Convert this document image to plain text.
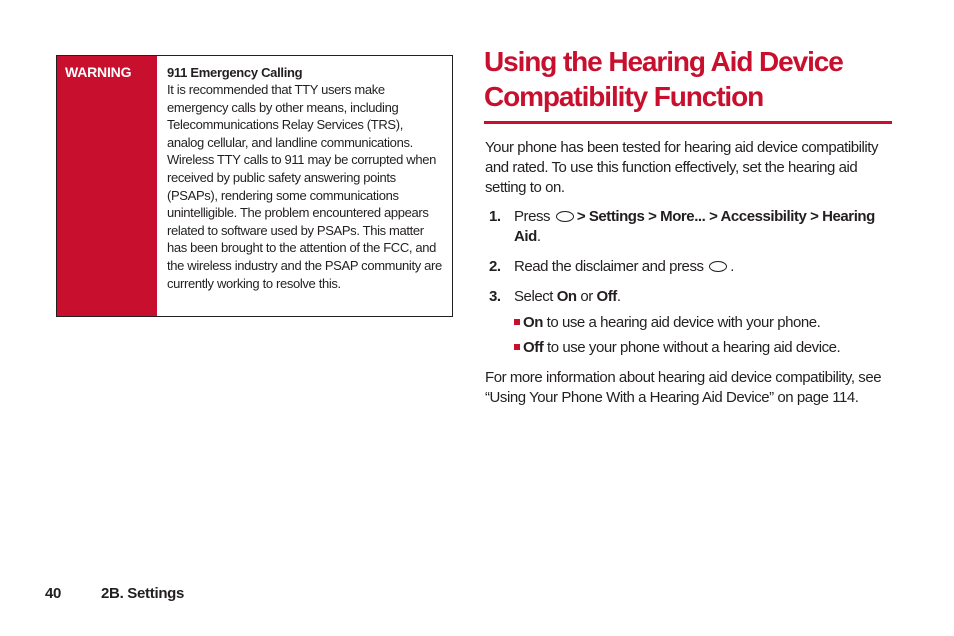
WARNING	911 Emergency Calling
It is recommended that TTY users make emergency calls by other means, including Telecommunications Relay Services (TRS), analog cellular, and landline communications. Wireless TTY calls to 911 may be corrupted when received by public safety answering points (PSAPs), rendering some communications unintelligible. The problem encountered appears related to software used by PSAPs. This matter has been brought to the attention of the FCC, and the wireless industry and the PSAP community are currently working to resolve this.
Using the Hearing Aid Device Compatibility Function
Your phone has been tested for hearing aid device compatibility and rated. To use this function effectively, set the hearing aid setting to on.
1. Press > Settings > More... > Accessibility > Hearing Aid.
2. Read the disclaimer and press .
3. Select On or Off.
On to use a hearing aid device with your phone.
Off to use your phone without a hearing aid device.
For more information about hearing aid device compatibility, see “Using Your Phone With a Hearing Aid Device” on page 114.
40	2B. Settings
